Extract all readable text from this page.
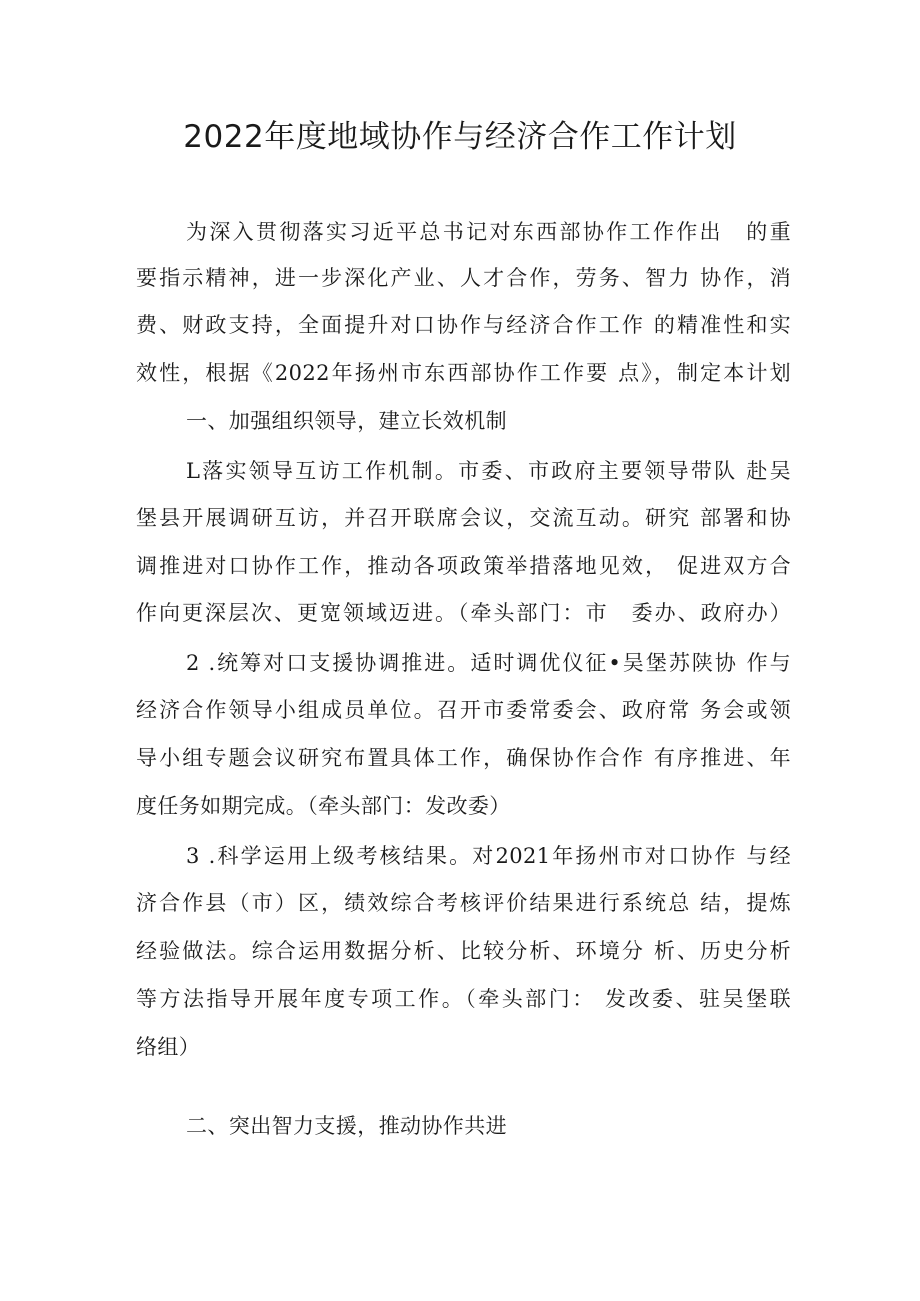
2022年度地域协作与经济合作工作计划
为深入贯彻落实习近平总书记对东西部协作工作作出　的重
要指示精神，进一步深化产业、人才合作，劳务、智力 协作，消
费、财政支持，全面提升对口协作与经济合作工作 的精准性和实
效性，根据《2022年扬州市东西部协作工作要 点》，制定本计划
一、加强组织领导，建立长效机制
L落实领导互访工作机制。市委、市政府主要领导带队 赴吴
堡县开展调研互访，并召开联席会议，交流互动。研究 部署和协
调推进对口协作工作，推动各项政策举措落地见效， 促进双方合
作向更深层次、更宽领域迈进。（牵头部门：市　委办、政府办）
2 .统筹对口支援协调推进。适时调优仪征•吴堡苏陕协 作与
经济合作领导小组成员单位。召开市委常委会、政府常 务会或领
导小组专题会议研究布置具体工作，确保协作合作 有序推进、年
度任务如期完成。（牵头部门：发改委）
3 .科学运用上级考核结果。对2021年扬州市对口协作 与经
济合作县（市）区，绩效综合考核评价结果进行系统总 结，提炼
经验做法。综合运用数据分析、比较分析、环境分 析、历史分析
等方法指导开展年度专项工作。（牵头部门： 发改委、驻吴堡联
络组）
二、突出智力支援，推动协作共进
